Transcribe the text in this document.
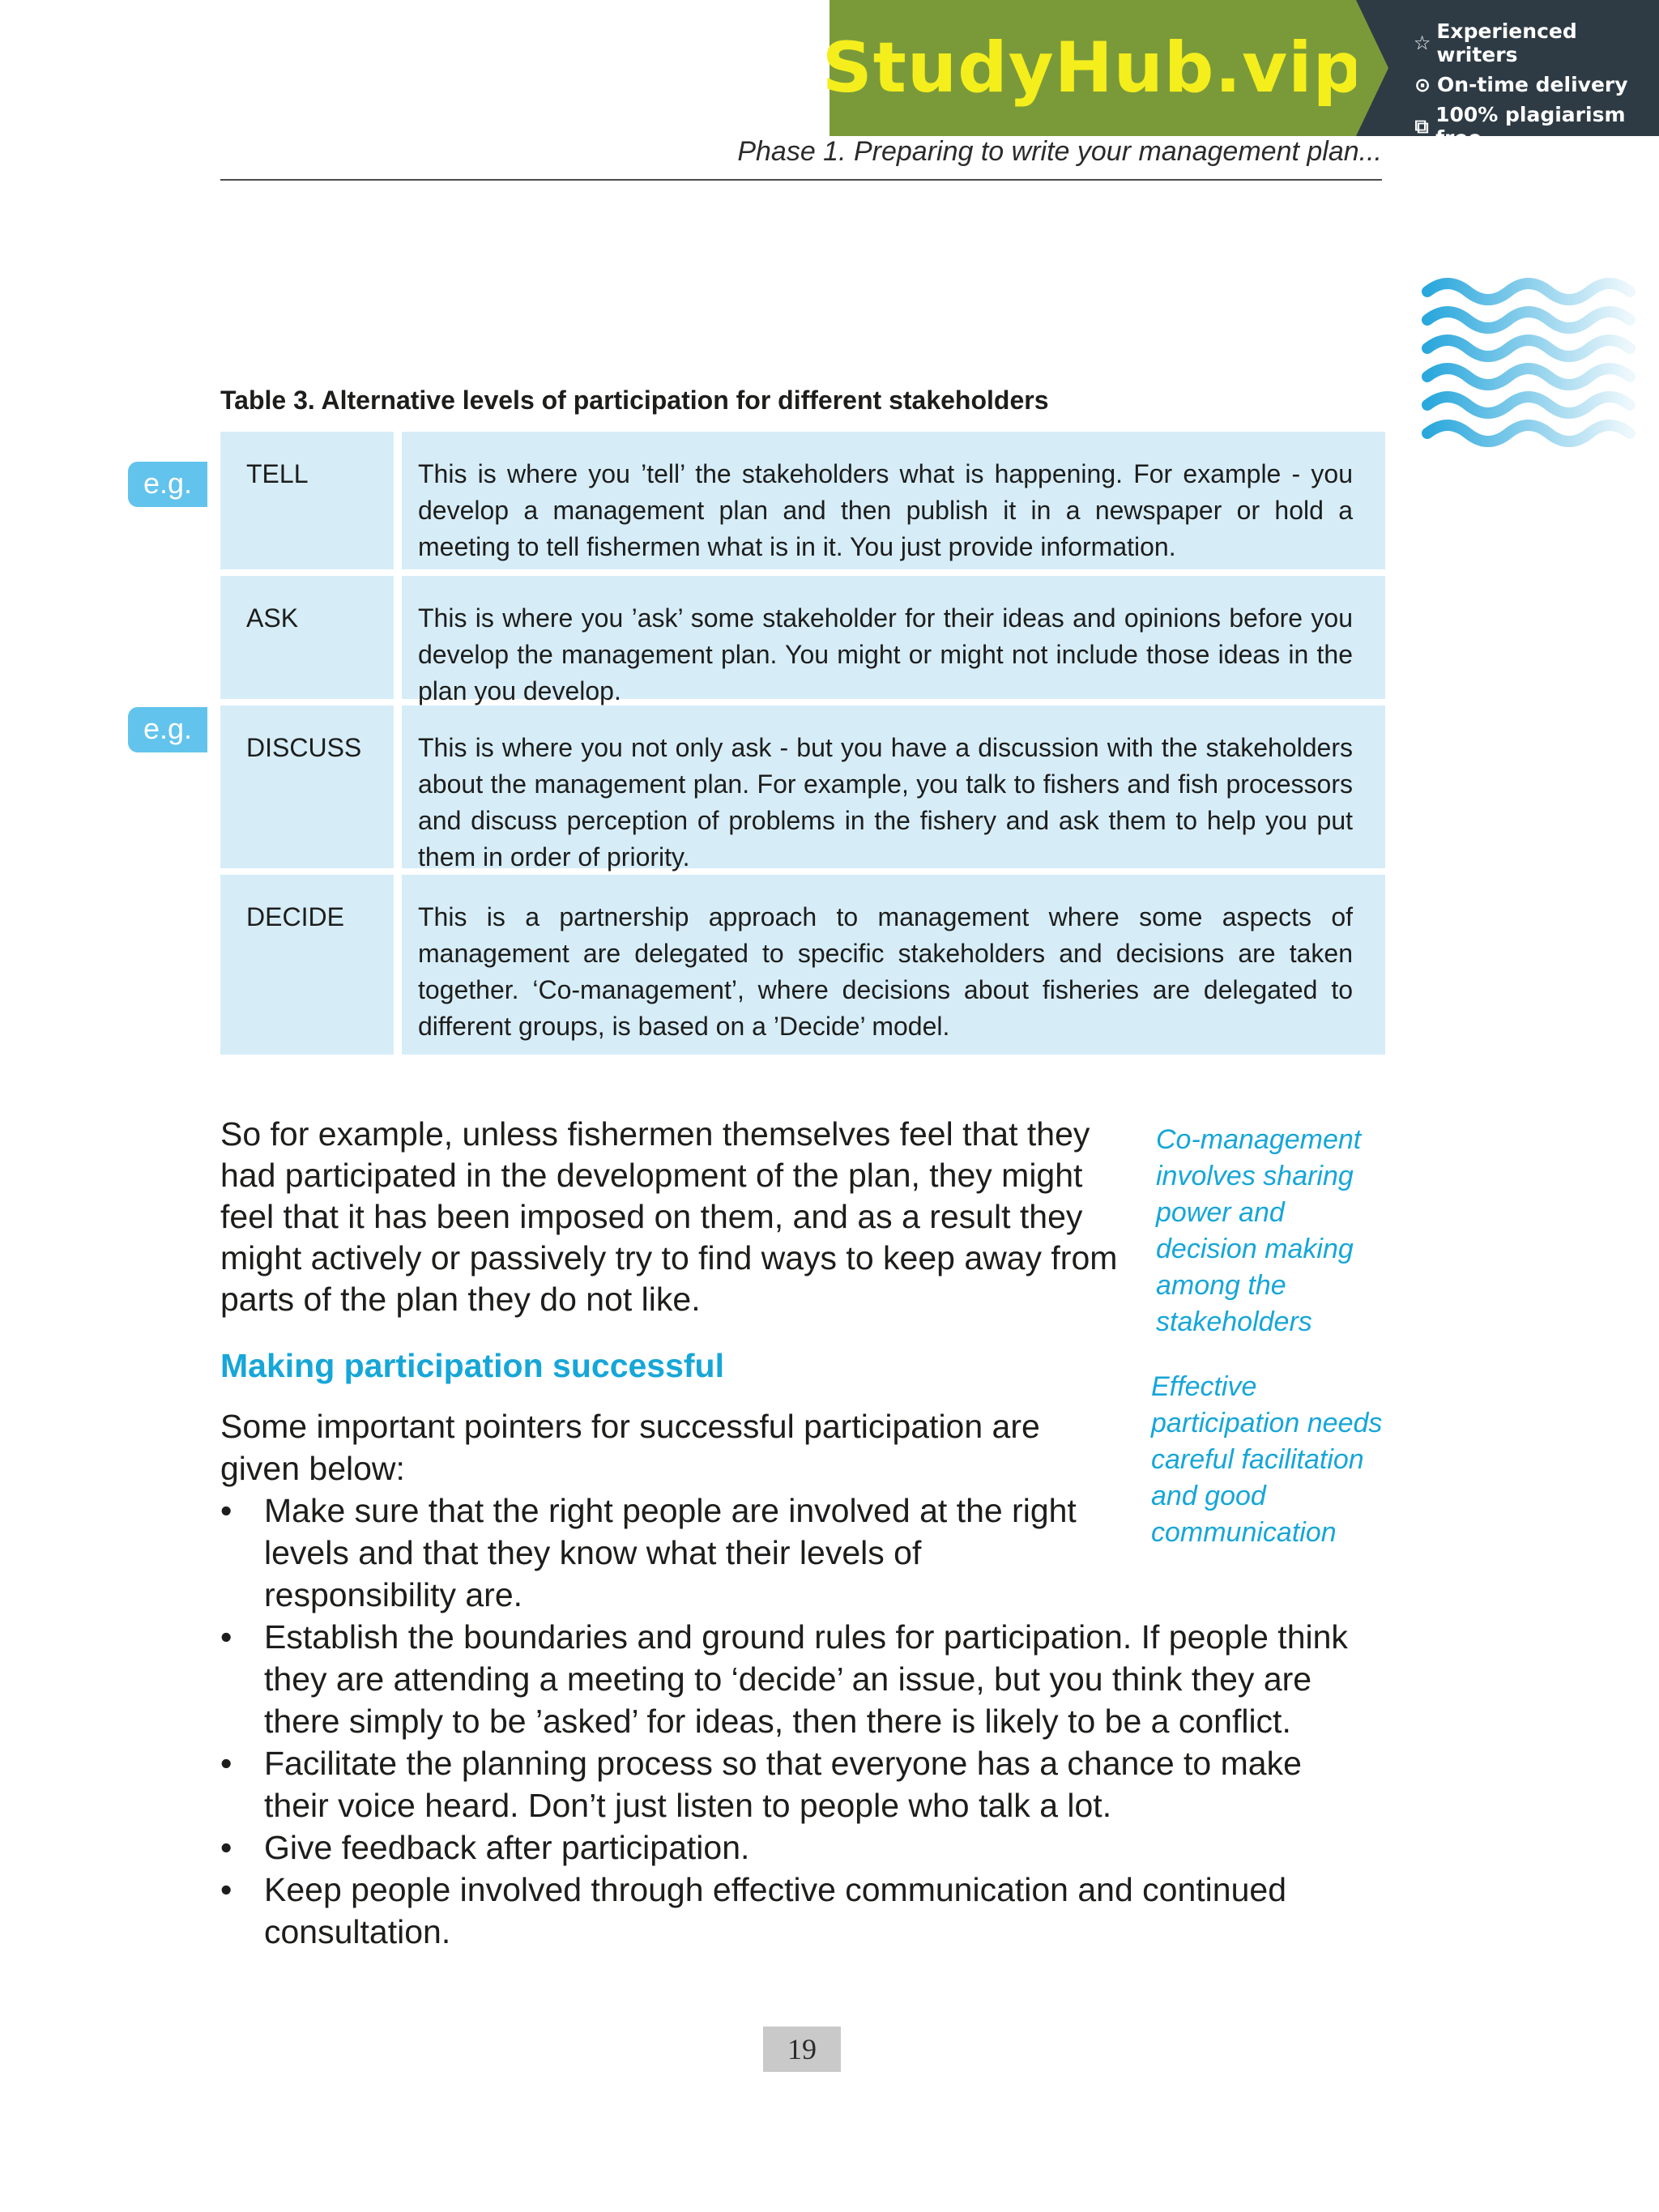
StudyHub.vip	☆ Experienced writers
⊙ On-time delivery
⧉ 100% plagiarism free
Phase 1. Preparing to write your management plan...
Table 3. Alternative levels of participation for different stakeholders
e.g.
e.g.
TELL	This is where you ’tell’ the stakeholders what is happening. For example - you develop a management plan and then publish it in a newspaper or hold a meeting to tell fishermen what is in it. You just provide information.
ASK	This is where you ’ask’ some stakeholder for their ideas and opinions before you develop the management plan. You might or might not include those ideas in the plan you develop.
DISCUSS	This is where you not only ask - but you have a discussion with the stakeholders about the management plan. For example, you talk to fishers and fish processors and discuss perception of problems in the fishery and ask them to help you put them in order of priority.
DECIDE	This is a partnership approach to management where some aspects of management are delegated to specific stakeholders and decisions are taken together. ‘Co-management’, where decisions about fisheries are delegated to different groups, is based on a ’Decide’ model.
So for example, unless fishermen themselves feel that they had participated in the development of the plan, they might feel that it has been imposed on them, and as a result they might actively or passively try to find ways to keep away from parts of the plan they do not like.
Co-management involves sharing power and decision making among the stakeholders
Effective participation needs careful facilitation and good communication
Making participation successful
Some important pointers for successful participation are given below:
• Make sure that the right people are involved at the right levels and that they know what their levels of responsibility are.
• Establish the boundaries and ground rules for participation. If people think they are attending a meeting to ‘decide’ an issue, but you think they are there simply to be ’asked’ for ideas, then there is likely to be a conflict.
• Facilitate the planning process so that everyone has a chance to make their voice heard. Don’t just listen to people who talk a lot.
• Give feedback after participation.
• Keep people involved through effective communication and continued consultation.
19
